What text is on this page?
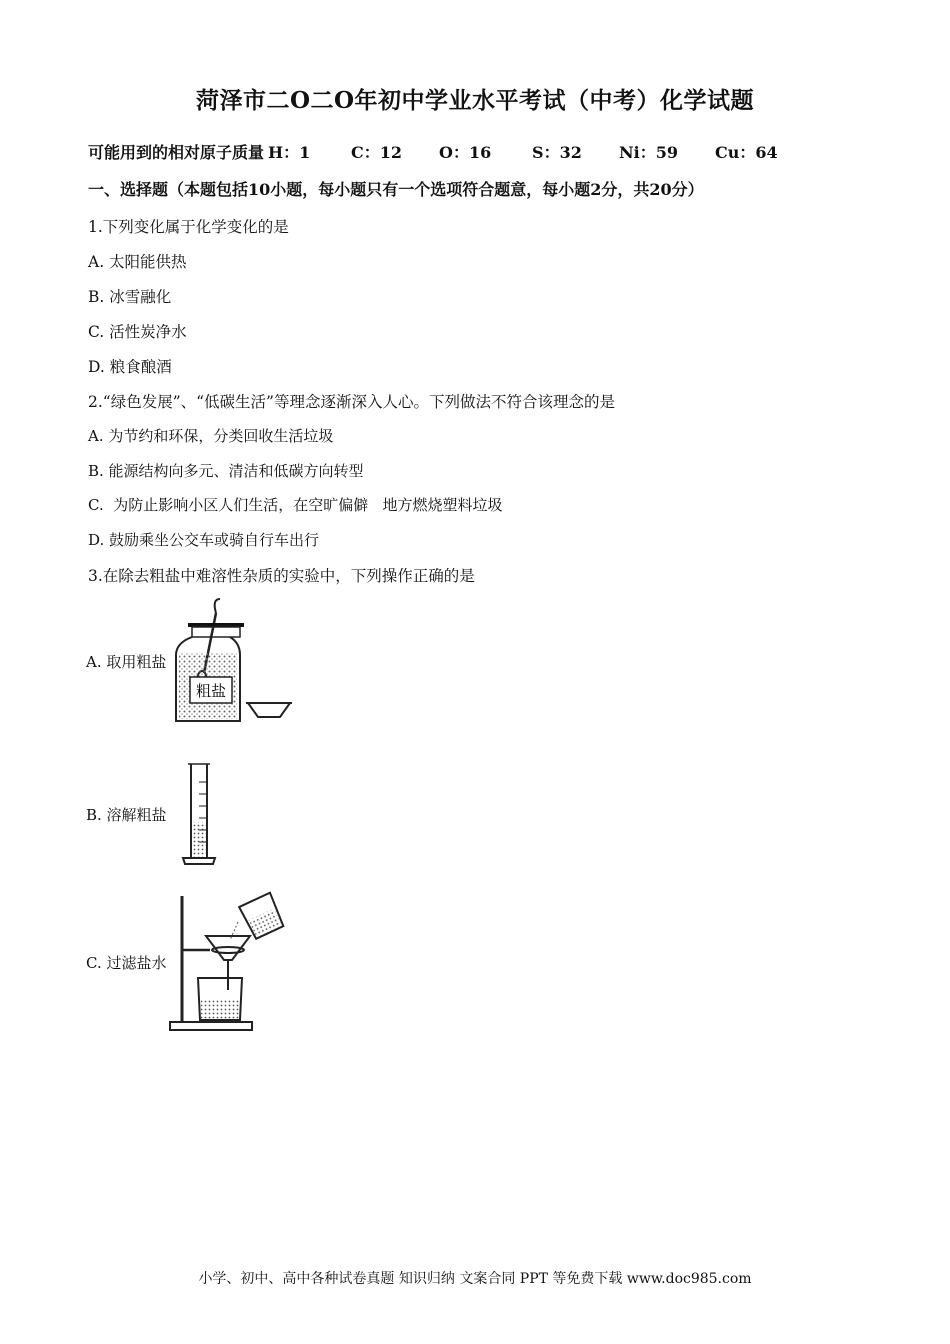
菏泽市二O二O年初中学业水平考试（中考）化学试题
可能用到的相对原子质量 H：1	C：12	O：16	S：32	Ni：59	Cu：64
一、选择题（本题包括10小题，每小题只有一个选项符合题意，每小题2分，共20分）
1.下列变化属于化学变化的是
A. 太阳能供热
B. 冰雪融化
C. 活性炭净水
D. 粮食酿酒
2.“绿色发展”、“低碳生活”等理念逐渐深入人心。下列做法不符合该理念的是
A. 为节约和环保，分类回收生活垃圾
B. 能源结构向多元、清洁和低碳方向转型
C.  为防止影响小区人们生活，在空旷偏僻   地方燃烧塑料垃圾
D. 鼓励乘坐公交车或骑自行车出行
3.在除去粗盐中难溶性杂质的实验中，下列操作正确的是
A. 取用粗盐
粗盐
B. 溶解粗盐
C. 过滤盐水
小学、初中、高中各种试卷真题 知识归纳 文案合同 PPT 等免费下载 www.doc985.com
